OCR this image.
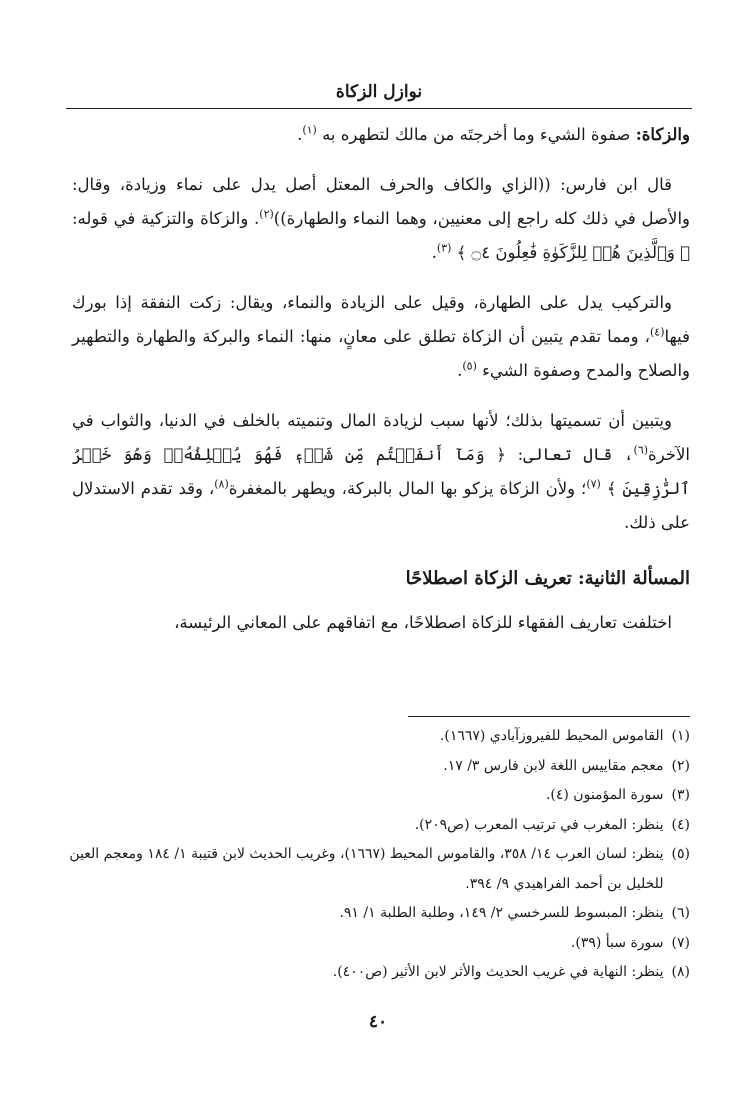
نوازل الزكاة

والزكاة: صفوة الشيء وما أخرجتَه من مالك لتطهره به $^{(١)}$.

قال ابن فارس: ((الزاي والكاف والحرف المعتل أصل يدل على نماء وزيادة، وقال: والأصل في ذلك كله راجع إلى معنيين، وهما النماء والطهارة))$^{(٢)}$. والزكاة والتزكية في قوله: ﴿ وَٱلَّذِينَ هُمۡ لِلزَّكَوٰةِ فَٰعِلُونَ ۝٤ ﴾ $^{(٣)}$.

والتركيب يدل على الطهارة، وقيل على الزيادة والنماء، ويقال: زكت النفقة إذا بورك فيها$^{(٤)}$، ومما تقدم يتبين أن الزكاة تطلق على معانٍ، منها: النماء والبركة والطهارة والتطهير والصلاح والمدح وصفوة الشيء $^{(٥)}$.

ويتبين أن تسميتها بذلك؛ لأنها سبب لزيادة المال وتنميته بالخلف في الدنيا، والثواب في الآخرة$^{(٦)}$، قال تعالى: ﴿ وَمَآ أَنفَقۡتُم مِّن شَيۡءٖ فَهُوَ يُخۡلِفُهُۥۖ وَهُوَ خَيۡرُ ٱلرَّٰزِقِينَ ﴾ $^{(٧)}$؛ ولأن الزكاة يزكو بها المال بالبركة، ويطهر بالمغفرة$^{(٨)}$، وقد تقدم الاستدلال على ذلك.

المسألة الثانية: تعريف الزكاة اصطلاحًا

اختلفت تعاريف الفقهاء للزكاة اصطلاحًا، مع اتفاقهم على المعاني الرئيسة،

(١)
القاموس المحيط للفيروزآبادي (١٦٦٧).
(٢)
معجم مقاييس اللغة لابن فارس ٣/ ١٧.
(٣)
سورة المؤمنون (٤).
(٤)
ينظر: المغرب في ترتيب المعرب (ص٢٠٩).
(٥)
ينظر: لسان العرب ١٤/ ٣٥٨، والقاموس المحيط (١٦٦٧)، وغريب الحديث لابن قتيبة ١/ ١٨٤ ومعجم العين للخليل بن أحمد الفراهيدي ٩/ ٣٩٤.
(٦)
ينظر: المبسوط للسرخسي ٢/ ١٤٩، وطلبة الطلبة ١/ ٩١.
(٧)
سورة سبأ (٣٩).
(٨)
ينظر: النهاية في غريب الحديث والأثر لابن الأثير (ص٤٠٠).
٤٠
